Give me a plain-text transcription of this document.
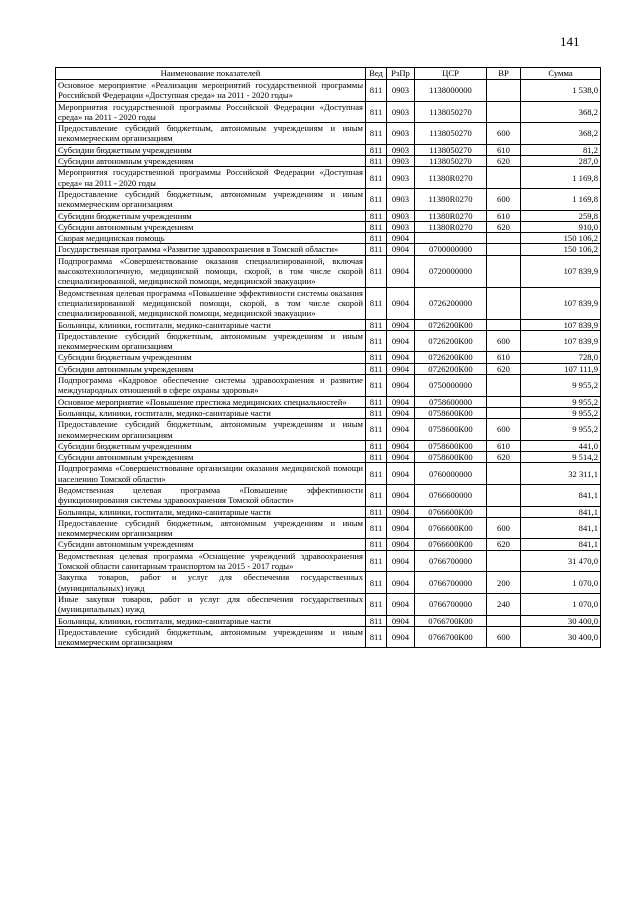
141
Наименование показателей	Вед	РзПр	ЦСР	ВР	Сумма
Основное мероприятие «Реализация мероприятий государственной программы Российской Федерации «Доступная среда» на 2011 - 2020 годы»	811	0903	1138000000		1 538,0
Мероприятия государственной программы Российской Федерации «Доступная среда» на 2011 - 2020 годы	811	0903	1138050270		368,2
Предоставление субсидий бюджетным, автономным учреждениям и иным некоммерческим организациям	811	0903	1138050270	600	368,2
Субсидии бюджетным учреждениям	811	0903	1138050270	610	81,2
Субсидии автономным учреждениям	811	0903	1138050270	620	287,0
Мероприятия государственной программы Российской Федерации «Доступная среда» на 2011 - 2020 годы	811	0903	11380R0270		1 169,8
Предоставление субсидий бюджетным, автономным учреждениям и иным некоммерческим организациям	811	0903	11380R0270	600	1 169,8
Субсидии бюджетным учреждениям	811	0903	11380R0270	610	259,8
Субсидии автономным учреждениям	811	0903	11380R0270	620	910,0
Скорая медицинская помощь	811	0904			150 106,2
Государственная программа «Развитие здравоохранения в Томской области»	811	0904	0700000000		150 106,2
Подпрограмма «Совершенствование оказания специализированной, включая высокотехнологичную, медицинской помощи, скорой, в том числе скорой специализированной, медицинской помощи, медицинской эвакуации»	811	0904	0720000000		107 839,9
Ведомственная целевая программа «Повышение эффективности системы оказания специализированной медицинской помощи, скорой, в том числе скорой специализированной, медицинской помощи, медицинской эвакуации»	811	0904	0726200000		107 839,9
Больницы, клиники, госпитали, медико-санитарные части	811	0904	0726200К00		107 839,9
Предоставление субсидий бюджетным, автономным учреждениям и иным некоммерческим организациям	811	0904	0726200К00	600	107 839,9
Субсидии бюджетным учреждениям	811	0904	0726200К00	610	728,0
Субсидии автономным учреждениям	811	0904	0726200К00	620	107 111,9
Подпрограмма «Кадровое обеспечение системы здравоохранения и развитие международных отношений в сфере охраны здоровья»	811	0904	0750000000		9 955,2
Основное мероприятие «Повышение престижа медицинских специальностей»	811	0904	0758600000		9 955,2
Больницы, клиники, госпитали, медико-санитарные части	811	0904	0758600К00		9 955,2
Предоставление субсидий бюджетным, автономным учреждениям и иным некоммерческим организациям	811	0904	0758600К00	600	9 955,2
Субсидии бюджетным учреждениям	811	0904	0758600К00	610	441,0
Субсидии автономным учреждениям	811	0904	0758600К00	620	9 514,2
Подпрограмма «Совершенствование организации оказания медицинской помощи населению Томской области»	811	0904	0760000000		32 311,1
Ведомственная целевая программа «Повышение эффективности функционирования системы здравоохранения Томской области»	811	0904	0766600000		841,1
Больницы, клиники, госпитали, медико-санитарные части	811	0904	0766600К00		841,1
Предоставление субсидий бюджетным, автономным учреждениям и иным некоммерческим организациям	811	0904	0766600К00	600	841,1
Субсидии автономным учреждениям	811	0904	0766600К00	620	841,1
Ведомственная целевая программа «Оснащение учреждений здравоохранения Томской области санитарным транспортом на 2015 - 2017 годы»	811	0904	0766700000		31 470,0
Закупка товаров, работ и услуг для обеспечения государственных (муниципальных) нужд	811	0904	0766700000	200	1 070,0
Иные закупки товаров, работ и услуг для обеспечения государственных (муниципальных) нужд	811	0904	0766700000	240	1 070,0
Больницы, клиники, госпитали, медико-санитарные части	811	0904	0766700К00		30 400,0
Предоставление субсидий бюджетным, автономным учреждениям и иным некоммерческим организациям	811	0904	0766700К00	600	30 400,0
